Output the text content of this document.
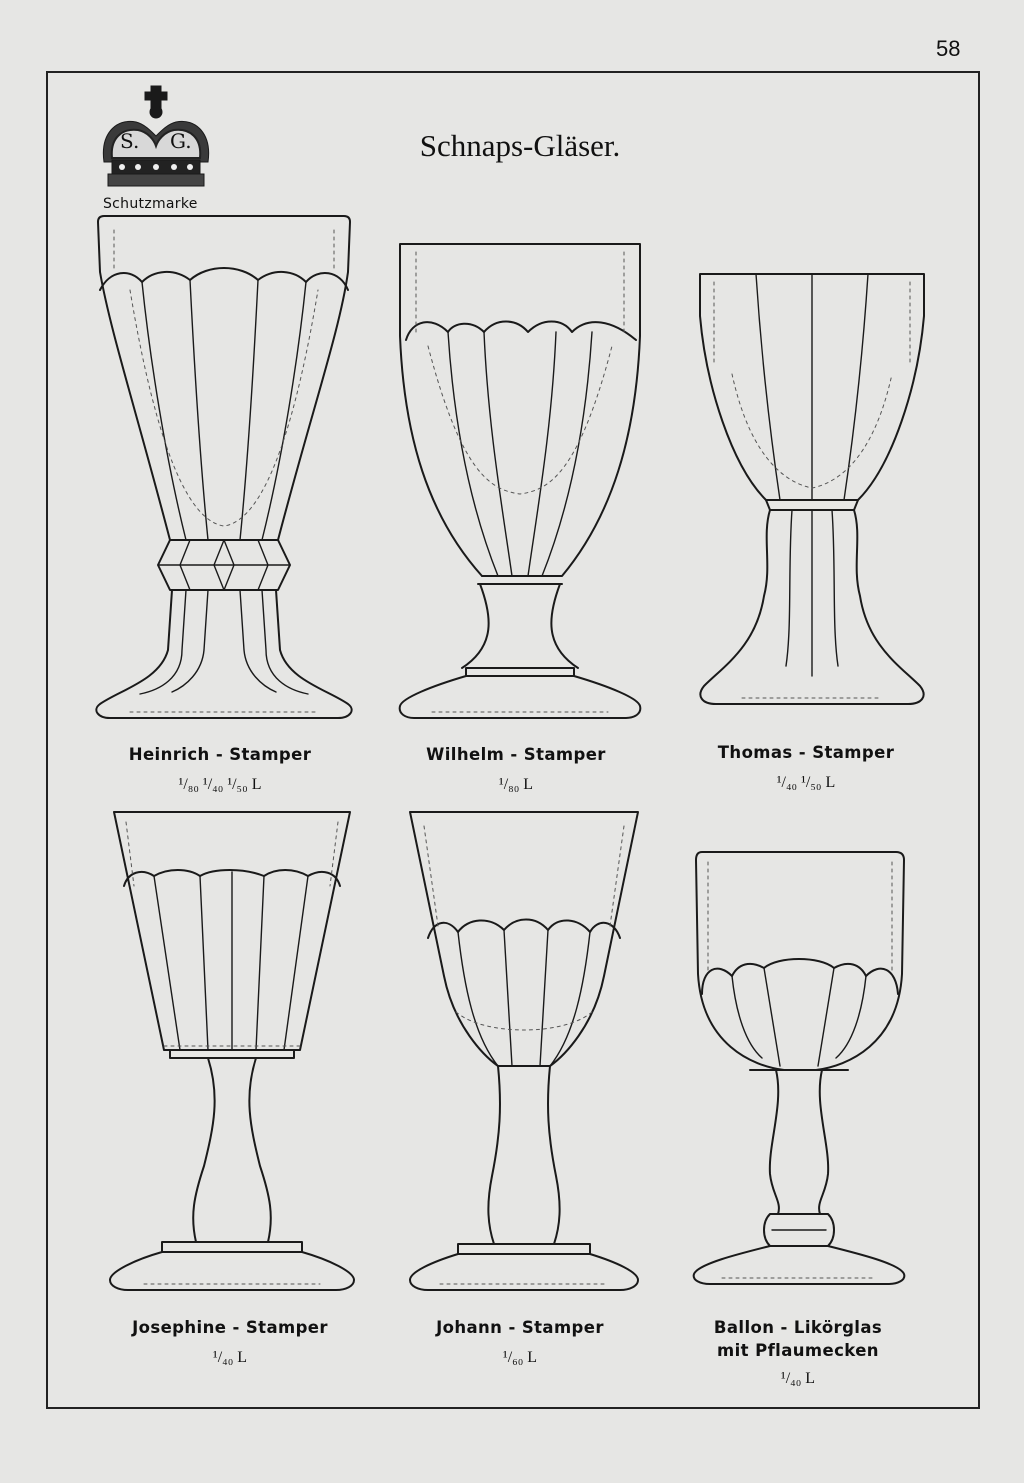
58
S. G.
Schutzmarke
Schnaps-Gläser.
Heinrich - Stamper
¹/₈₀ ¹/₄₀ ¹/₅₀ L
Wilhelm - Stamper
¹/₈₀ L
Thomas - Stamper
¹/₄₀ ¹/₅₀ L
Josephine - Stamper
¹/₄₀ L
Johann - Stamper
¹/₆₀ L
Ballon - Likörglas
mit Pflaumecken
¹/₄₀ L
